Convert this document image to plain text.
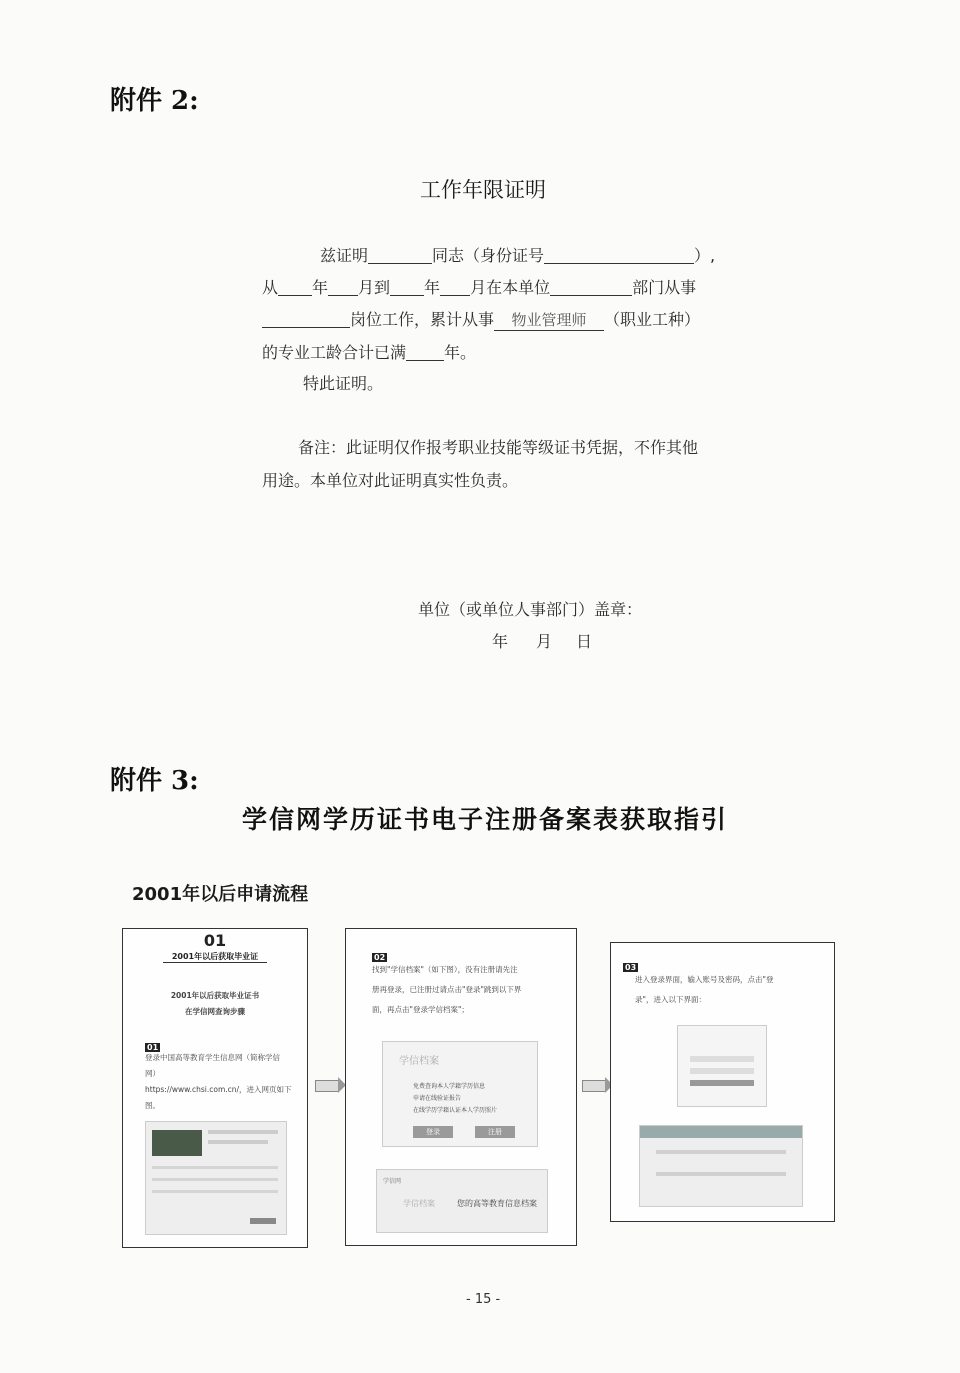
附件 2:
工作年限证明
兹证明	同志（身份证号	）,
从 年 月到 年 月在本单位	部门从事
岗位工作，累计从事 物业管理师 （职业工种）
的专业工龄合计已满 年。
特此证明。
备注：此证明仅作报考职业技能等级证书凭据，不作其他
用途。本单位对此证明真实性负责。
单位（或单位人事部门）盖章：
年 月 日
附件 3:
学信网学历证书电子注册备案表获取指引
2001年以后申请流程
01
2001年以后获取毕业证
2001年以后获取毕业证书
在学信网查询步骤
01
登录中国高等教育学生信息网（简称学信
网）
https://www.chsi.com.cn/，进入网页如下
图。
02
找到"学信档案"（如下图），没有注册请先注
册再登录，已注册过请点击"登录"跳到以下界
面，再点击"登录学信档案"；
学信档案
免费查询本人学籍学历信息
申请在线验证报告
在线学历学籍认证本人学历照片
登录	注册
学信网
学信档案	您的高等教育信息档案
03
进入登录界面，输入账号及密码，点击"登
录"，进入以下界面：
- 15 -
